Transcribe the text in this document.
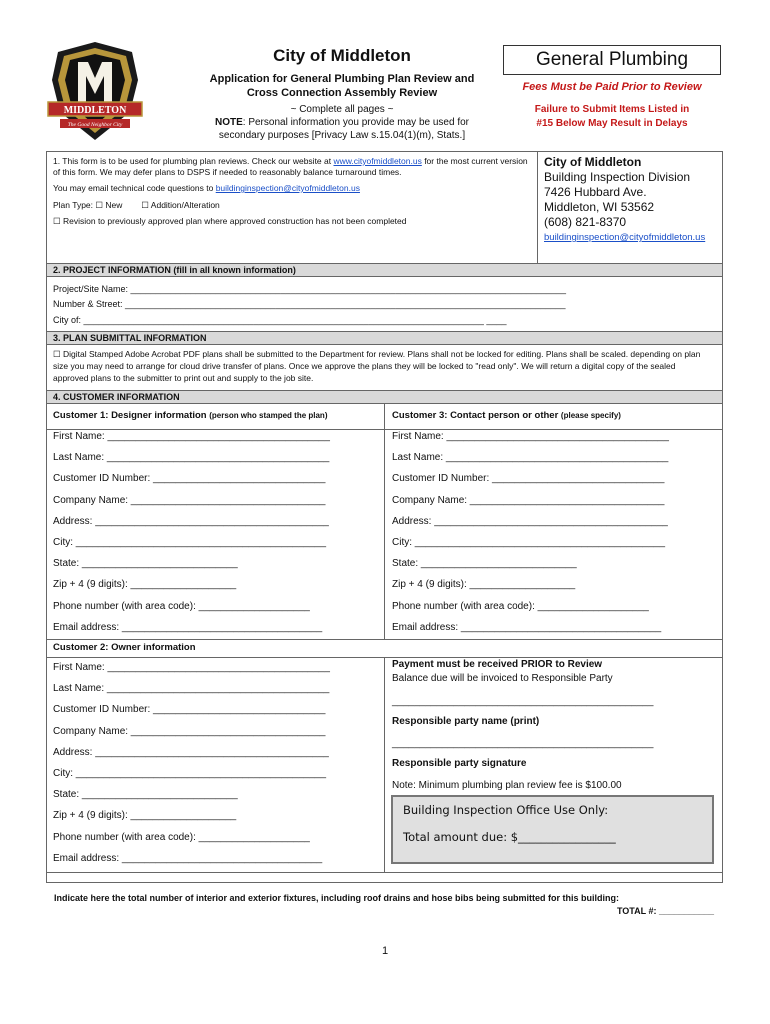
MIDDLETON
The Good Neighbor City
City of Middleton
Application for General Plumbing Plan Review and
Cross Connection Assembly Review
~ Complete all pages ~
NOTE: Personal information you provide may be used for
secondary purposes [Privacy Law s.15.04(1)(m), Stats.]
General Plumbing
Fees Must be Paid Prior to Review
Failure to Submit Items Listed in
#15 Below May Result in Delays

1. This form is to be used for plumbing plan reviews. Check our website at www.cityofmiddleton.us for the most current version of this form. We may defer plans to DSPS if needed to reasonably balance turnaround times.

You may email technical code questions to buildinginspection@cityofmiddleton.us

Plan Type: ☐ New ☐ Addition/Alteration

☐ Revision to previously approved plan where approved construction has not been completed

City of Middleton
Building Inspection Division
7426 Hubbard Ave.
Middleton, WI 53562
(608) 821-8370
buildinginspection@cityofmiddleton.us
2. PROJECT INFORMATION (fill in all known information)
Project/Site Name: _______________________________________________________________________________________
Number & Street: ________________________________________________________________________________________
City of: ________________________________________________________________________________ ____
3. PLAN SUBMITTAL INFORMATION
☐ Digital Stamped Adobe Acrobat PDF plans shall be submitted to the Department for review. Plans shall not be locked for editing. Plans shall be scaled. depending on plan size you may need to arrange for cloud drive transfer of plans. Once we approve the plans they will be locked to "read only". We will return a digital copy of the sealed approved plans to the submitter to print out and supply to the job site.
4. CUSTOMER INFORMATION
Customer 1: Designer information (person who stamped the plan)	Customer 3: Contact person or other (please specify)
First Name: ________________________________________
Last Name: ________________________________________
Customer ID Number: _______________________________
Company Name: ___________________________________
Address: __________________________________________
City: _____________________________________________
State: ____________________________
Zip + 4 (9 digits): ___________________
Phone number (with area code): ____________________
Email address: ____________________________________
First Name: ________________________________________
Last Name: ________________________________________
Customer ID Number: _______________________________
Company Name: ___________________________________
Address: __________________________________________
City: _____________________________________________
State: ____________________________
Zip + 4 (9 digits): ___________________
Phone number (with area code): ____________________
Email address: ____________________________________
Customer 2: Owner information
First Name: ________________________________________
Last Name: ________________________________________
Customer ID Number: _______________________________
Company Name: ___________________________________
Address: __________________________________________
City: _____________________________________________
State: ____________________________
Zip + 4 (9 digits): ___________________
Phone number (with area code): ____________________
Email address: ____________________________________
Payment must be received PRIOR to Review
Balance due will be invoiced to Responsible Party
_______________________________________________
Responsible party name (print)
_______________________________________________
Responsible party signature
Note: Minimum plumbing plan review fee is $100.00
Building Inspection Office Use Only:
Total amount due: $_________________
Indicate here the total number of interior and exterior fixtures, including roof drains and hose bibs being submitted for this building:
TOTAL #: ___________
1
